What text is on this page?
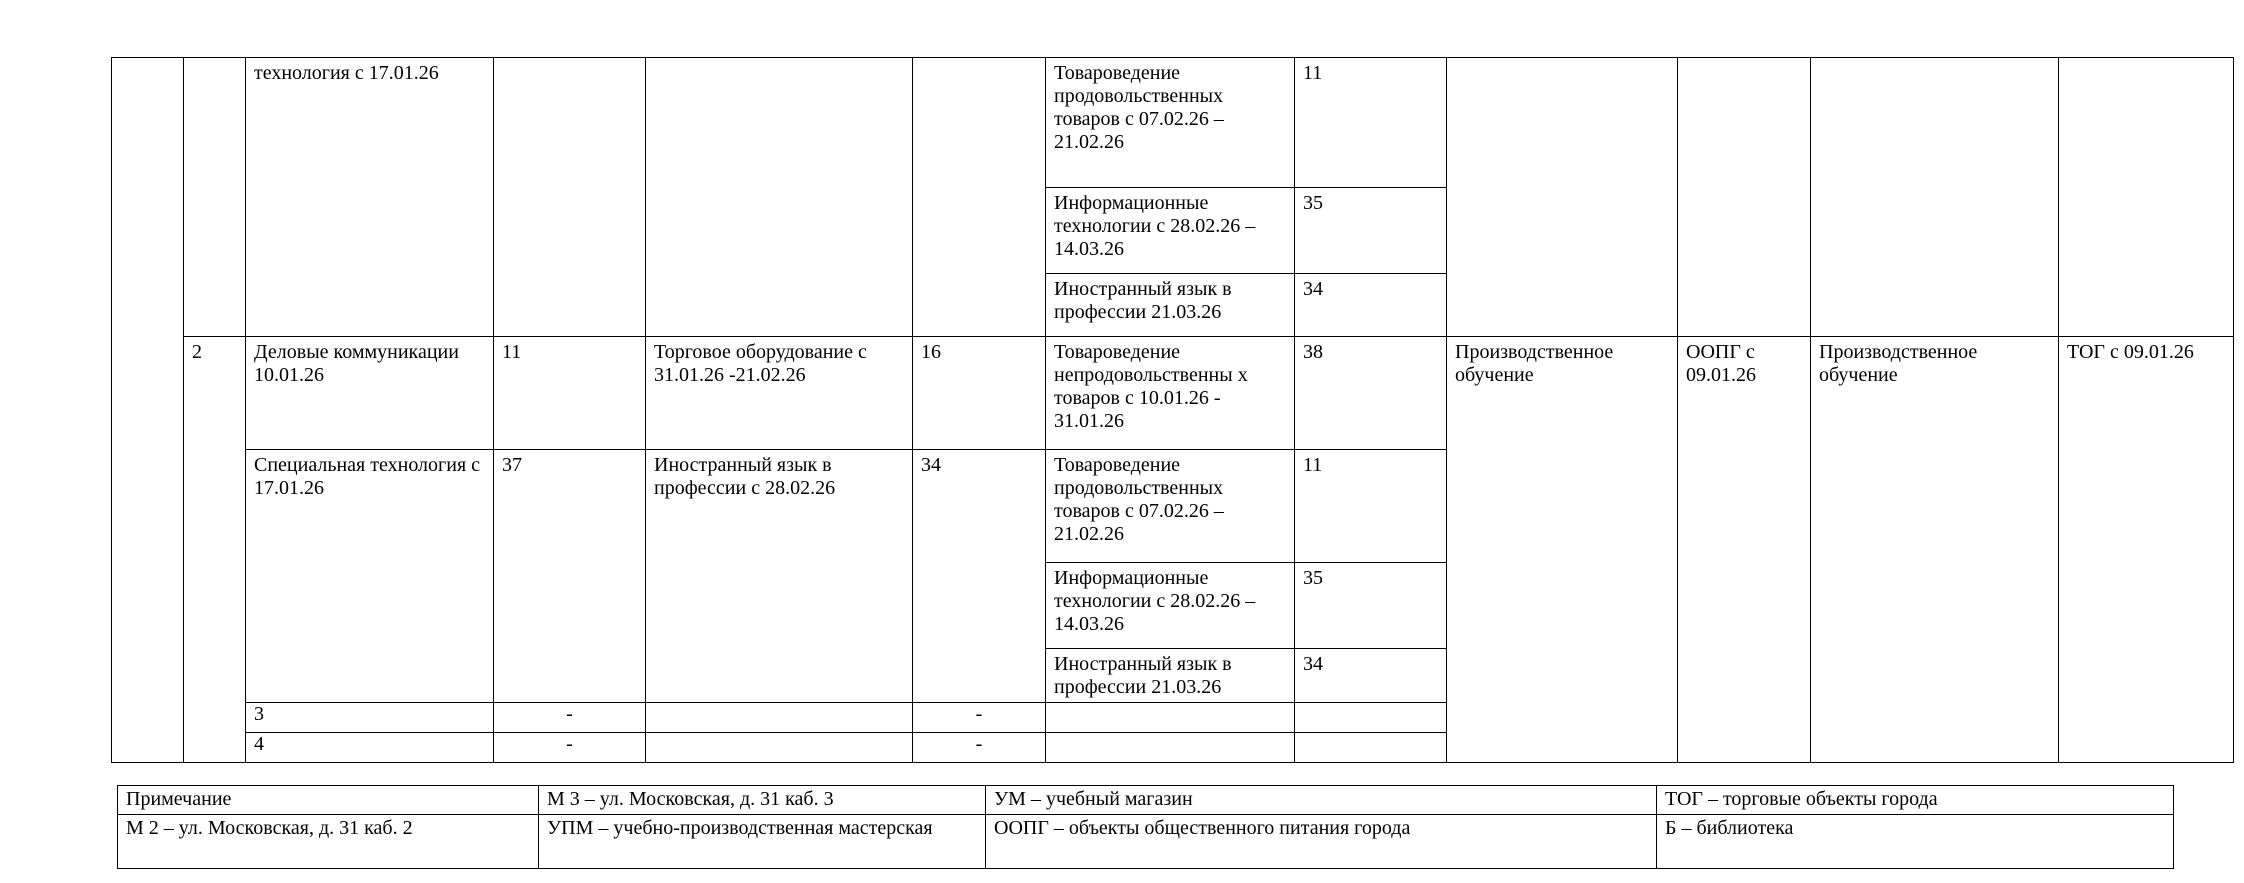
		технология с 17.01.26				Товароведение продовольственных товаров с 07.02.26 – 21.02.26	11					
						Информационные технологии с 28.02.26 – 14.03.26	35					
						Иностранный язык в профессии 21.03.26	34					
	2	Деловые коммуникации 10.01.26	11	Торговое оборудование с 31.01.26 -21.02.26	16	Товароведение непродовольственны х товаров с 10.01.26 - 31.01.26	38	Производственное обучение	ООПГ с 09.01.26	Производственное обучение	ТОГ с 09.01.26	
		Специальная технология с 17.01.26	37	Иностранный язык в профессии с 28.02.26	34	Товароведение продовольственных товаров с 07.02.26 – 21.02.26	11					
						Информационные технологии с 28.02.26 – 14.03.26	35					
						Иностранный язык в профессии 21.03.26	34					
		3	-		-							
		4	-		-							
Примечание	М 3 – ул. Московская, д. 31 каб. 3	УМ – учебный магазин	ТОГ – торговые объекты города
М 2 – ул. Московская, д. 31 каб. 2	УПМ – учебно-производственная мастерская	ООПГ – объекты общественного питания города	Б – библиотека
